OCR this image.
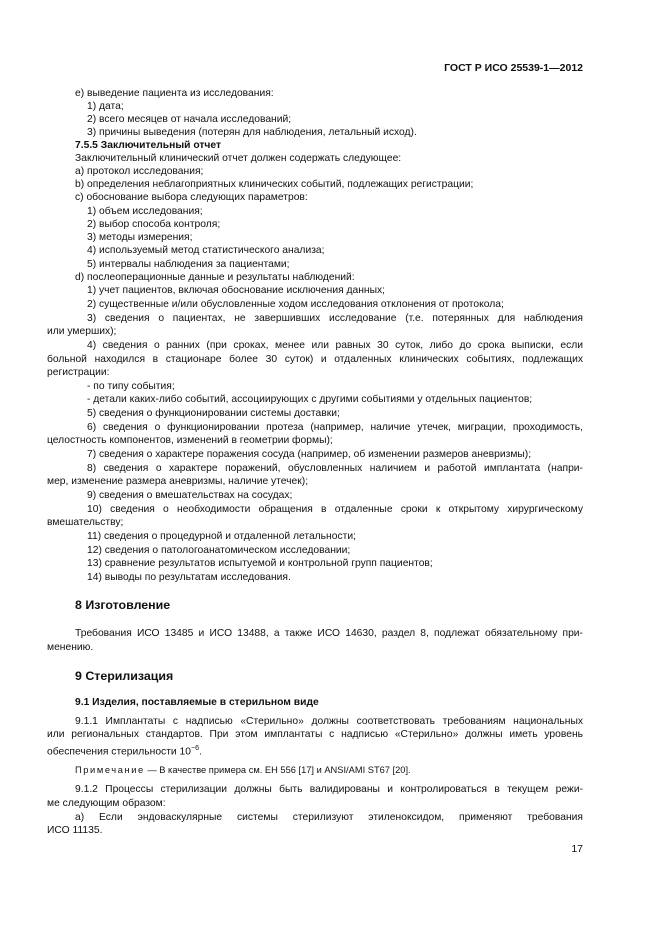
ГОСТ Р ИСО 25539-1—2012
e) выведение пациента из исследования:
1) дата;
2) всего месяцев от начала исследований;
3) причины выведения (потерян для наблюдения, летальный исход).
7.5.5 Заключительный отчет
Заключительный клинический отчет должен содержать следующее:
а) протокол исследования;
b) определения неблагоприятных клинических событий, подлежащих регистрации;
c) обоснование выбора следующих параметров:
1) объем исследования;
2) выбор способа контроля;
3) методы измерения;
4) используемый метод статистического анализа;
5) интервалы наблюдения за пациентами;
d) послеоперационные данные и результаты наблюдений:
1) учет пациентов, включая обоснование исключения данных;
2) существенные и/или обусловленные ходом исследования отклонения от протокола;
3) сведения о пациентах, не завершивших исследование (т.е. потерянных для наблюдения
или умерших);
4) сведения о ранних (при сроках, менее или равных 30 суток, либо до срока выписки, если
больной находился в стационаре более 30 суток) и отдаленных клинических событиях, подлежащих
регистрации:
- по типу события;
- детали каких-либо событий, ассоциирующих с другими событиями у отдельных пациентов;
5) сведения о функционировании системы доставки;
6) сведения о функционировании протеза (например, наличие утечек, миграции, проходимость,
целостность компонентов, изменений в геометрии формы);
7) сведения о характере поражения сосуда (например, об изменении размеров аневризмы);
8) сведения о характере поражений, обусловленных наличием и работой имплантата (напри-
мер, изменение размера аневризмы, наличие утечек);
9) сведения о вмешательствах на сосудах;
10) сведения о необходимости обращения в отдаленные сроки к открытому хирургическому
вмешательству;
11) сведения о процедурной и отдаленной летальности;
12) сведения о патологоанатомическом исследовании;
13) сравнение результатов испытуемой и контрольной групп пациентов;
14) выводы по результатам исследования.
8 Изготовление
Требования ИСО 13485 и ИСО 13488, а также ИСО 14630, раздел 8, подлежат обязательному при-
менению.
9 Стерилизация
9.1 Изделия, поставляемые в стерильном виде
9.1.1 Имплантаты с надписью «Стерильно» должны соответствовать требованиям национальных
или региональных стандартов. При этом имплантаты с надписью «Стерильно» должны иметь уровень
обеспечения стерильности $10^{-6}$.
Примечание — В качестве примера см. ЕН 556 [17] и ANSI/AMI ST67 [20].
9.1.2 Процессы стерилизации должны быть валидированы и контролироваться в текущем режи-
ме следующим образом:
а) Если эндоваскулярные системы стерилизуют этиленоксидом, применяют требования
ИСО 11135.
17
